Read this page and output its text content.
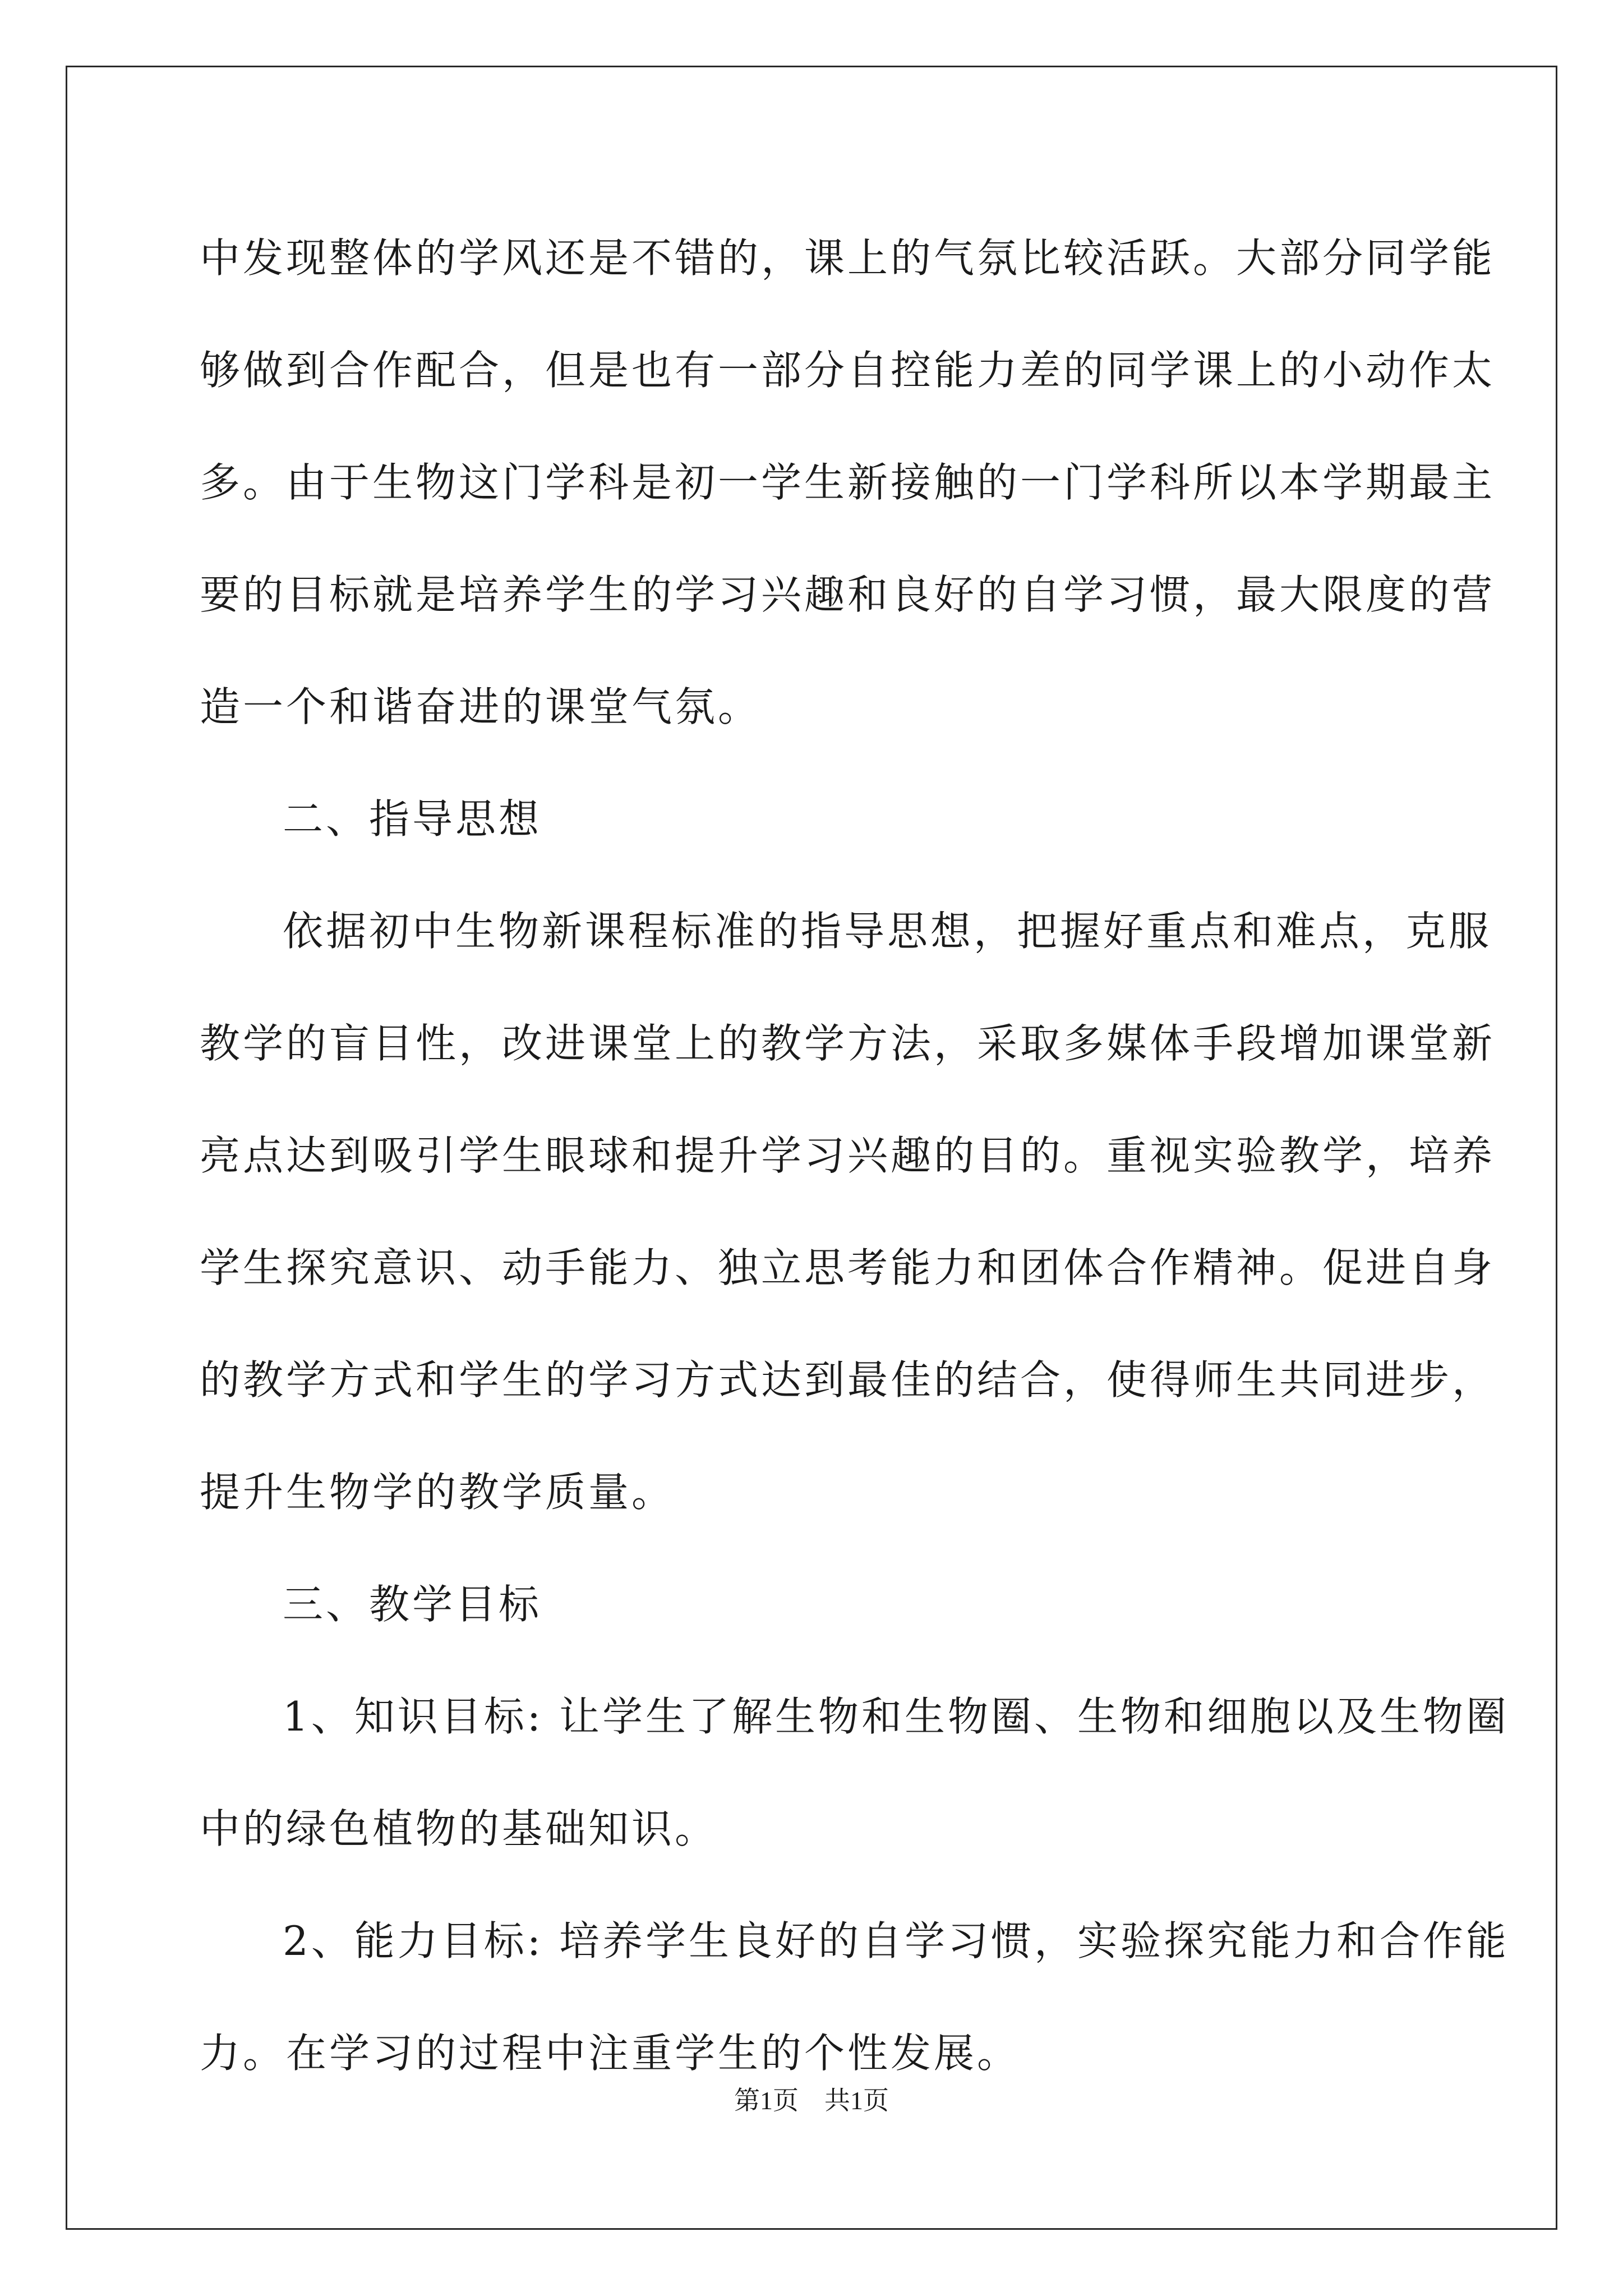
中发现整体的学风还是不错的，课上的气氛比较活跃。大部分同学能
够做到合作配合，但是也有一部分自控能力差的同学课上的小动作太
多。由于生物这门学科是初一学生新接触的一门学科所以本学期最主
要的目标就是培养学生的学习兴趣和良好的自学习惯，最大限度的营
造一个和谐奋进的课堂气氛。
二、指导思想
依据初中生物新课程标准的指导思想，把握好重点和难点，克服
教学的盲目性，改进课堂上的教学方法，采取多媒体手段增加课堂新
亮点达到吸引学生眼球和提升学习兴趣的目的。重视实验教学，培养
学生探究意识、动手能力、独立思考能力和团体合作精神。促进自身
的教学方式和学生的学习方式达到最佳的结合，使得师生共同进步，
提升生物学的教学质量。
三、教学目标
1、知识目标: 让学生了解生物和生物圈、生物和细胞以及生物圈
中的绿色植物的基础知识。
2、能力目标: 培养学生良好的自学习惯，实验探究能力和合作能
力。在学习的过程中注重学生的个性发展。
第1页　共1页
